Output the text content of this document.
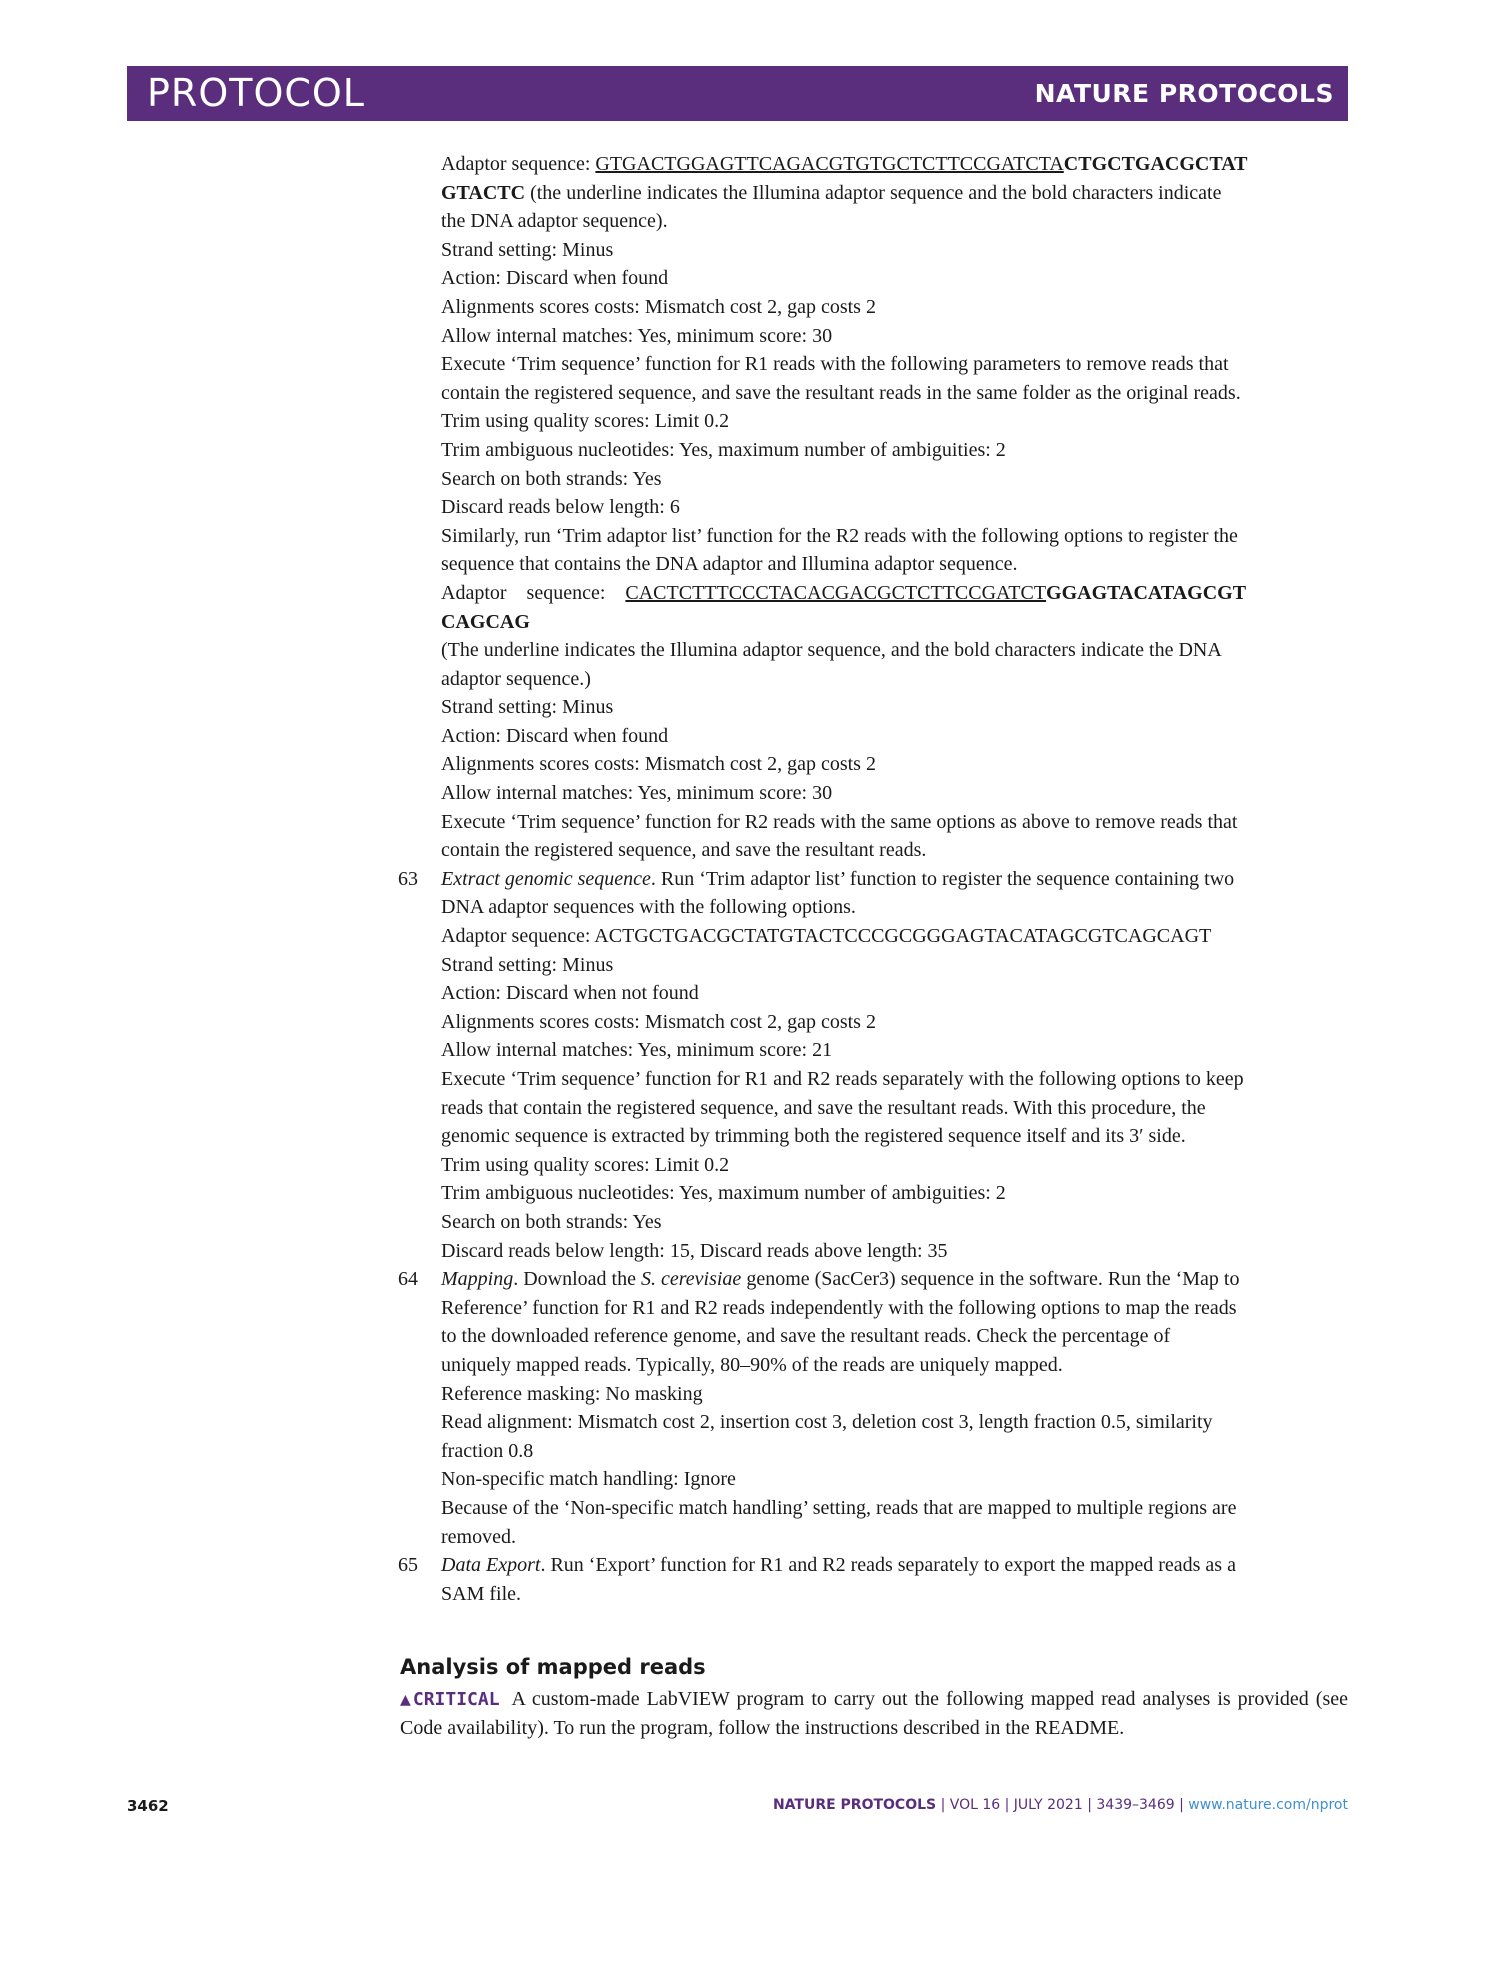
PROTOCOL	NATURE PROTOCOLS
Adaptor sequence: GTGACTGGAGTTCAGACGTGTGCTCTTCCGATCTACTGCTGACGCTAT
GTACTC (the underline indicates the Illumina adaptor sequence and the bold characters indicate
the DNA adaptor sequence).
Strand setting: Minus
Action: Discard when found
Alignments scores costs: Mismatch cost 2, gap costs 2
Allow internal matches: Yes, minimum score: 30
Execute ‘Trim sequence’ function for R1 reads with the following parameters to remove reads that
contain the registered sequence, and save the resultant reads in the same folder as the original reads.
Trim using quality scores: Limit 0.2
Trim ambiguous nucleotides: Yes, maximum number of ambiguities: 2
Search on both strands: Yes
Discard reads below length: 6
Similarly, run ‘Trim adaptor list’ function for the R2 reads with the following options to register the
sequence that contains the DNA adaptor and Illumina adaptor sequence.
Adaptor    sequence:    CACTCTTTCCCTACACGACGCTCTTCCGATCTGGAGTACATAGCGT
CAGCAG
(The underline indicates the Illumina adaptor sequence, and the bold characters indicate the DNA
adaptor sequence.)
Strand setting: Minus
Action: Discard when found
Alignments scores costs: Mismatch cost 2, gap costs 2
Allow internal matches: Yes, minimum score: 30
Execute ‘Trim sequence’ function for R2 reads with the same options as above to remove reads that
contain the registered sequence, and save the resultant reads.
63 Extract genomic sequence. Run ‘Trim adaptor list’ function to register the sequence containing two
DNA adaptor sequences with the following options.
Adaptor sequence: ACTGCTGACGCTATGTACTCCCGCGGGAGTACATAGCGTCAGCAGT
Strand setting: Minus
Action: Discard when not found
Alignments scores costs: Mismatch cost 2, gap costs 2
Allow internal matches: Yes, minimum score: 21
Execute ‘Trim sequence’ function for R1 and R2 reads separately with the following options to keep
reads that contain the registered sequence, and save the resultant reads. With this procedure, the
genomic sequence is extracted by trimming both the registered sequence itself and its 3′ side.
Trim using quality scores: Limit 0.2
Trim ambiguous nucleotides: Yes, maximum number of ambiguities: 2
Search on both strands: Yes
Discard reads below length: 15, Discard reads above length: 35
64 Mapping. Download the S. cerevisiae genome (SacCer3) sequence in the software. Run the ‘Map to
Reference’ function for R1 and R2 reads independently with the following options to map the reads
to the downloaded reference genome, and save the resultant reads. Check the percentage of
uniquely mapped reads. Typically, 80–90% of the reads are uniquely mapped.
Reference masking: No masking
Read alignment: Mismatch cost 2, insertion cost 3, deletion cost 3, length fraction 0.5, similarity
fraction 0.8
Non-specific match handling: Ignore
Because of the ‘Non-specific match handling’ setting, reads that are mapped to multiple regions are
removed.
65 Data Export. Run ‘Export’ function for R1 and R2 reads separately to export the mapped reads as a
SAM file.
Analysis of mapped reads
▲CRITICAL A custom-made LabVIEW program to carry out the following mapped read analyses is provided (see Code availability). To run the program, follow the instructions described in the README.
3462	NATURE PROTOCOLS | VOL 16 | JULY 2021 | 3439–3469 | www.nature.com/nprot
